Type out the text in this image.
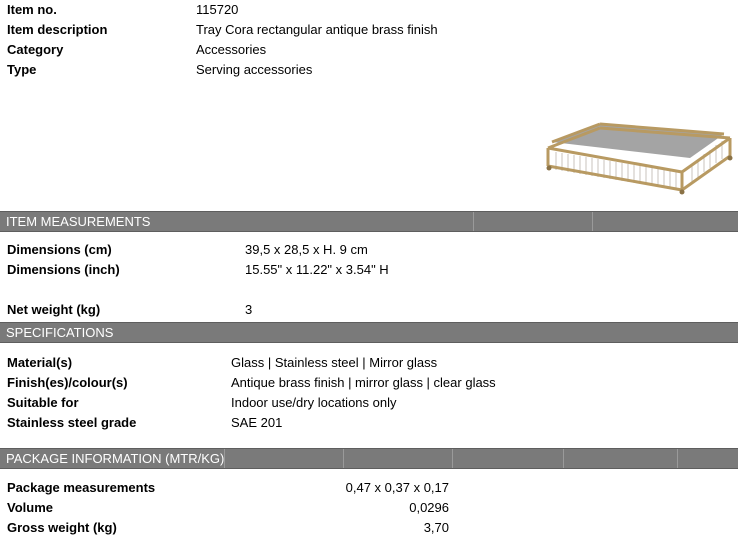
Item no.	115720
Item description	Tray Cora rectangular antique brass finish
Category	Accessories
Type	Serving accessories
ITEM MEASUREMENTS
Dimensions (cm)	39,5 x 28,5 x H. 9 cm
Dimensions (inch)	15.55" x 11.22" x 3.54" H
Net weight (kg)	3
SPECIFICATIONS
Material(s)	Glass | Stainless steel | Mirror glass
Finish(es)/colour(s)	Antique brass finish | mirror glass | clear glass
Suitable for	Indoor use/dry locations only
Stainless steel grade	SAE 201
PACKAGE INFORMATION (MTR/KG)
Package measurements	0,47 x 0,37 x 0,17
Volume	0,0296
Gross weight (kg)	3,70
